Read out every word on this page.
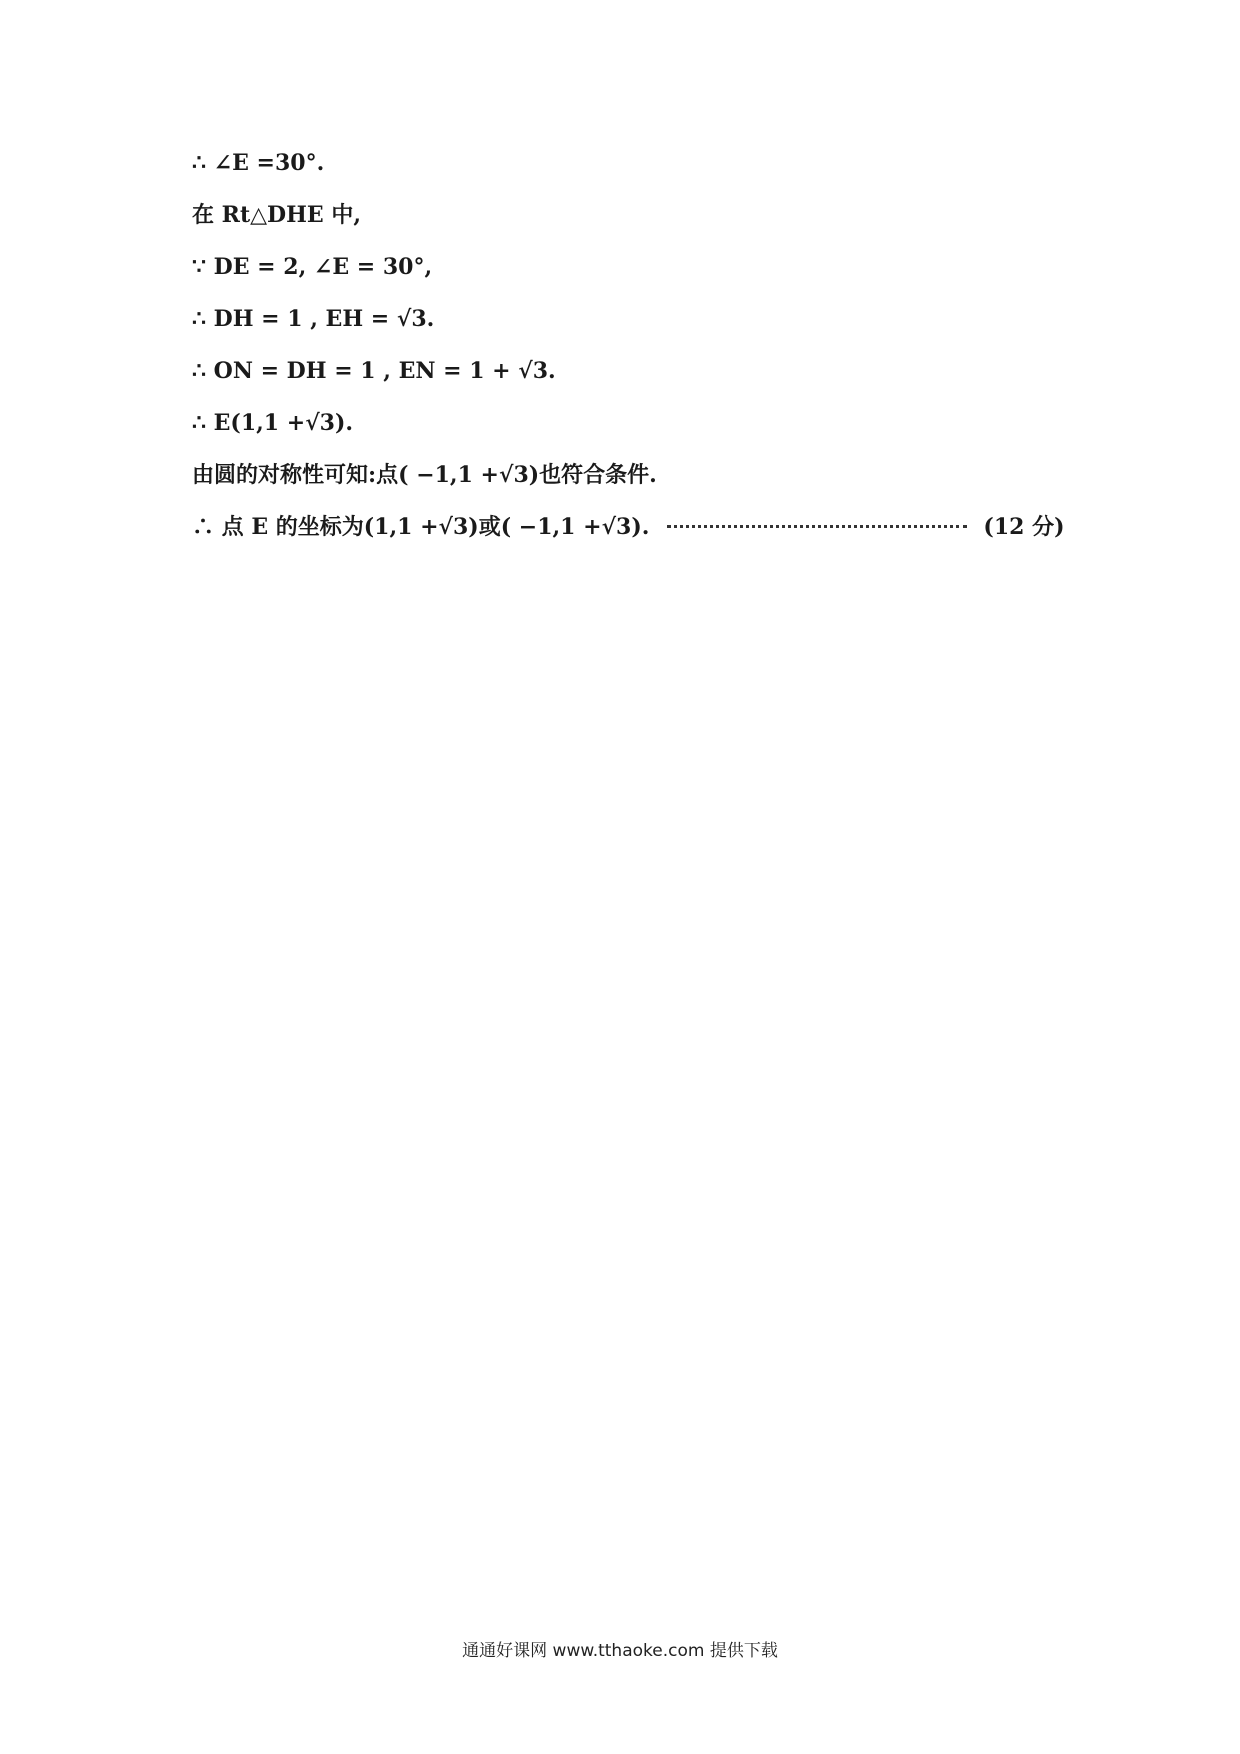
∴ ∠E =30°.
在 Rt△DHE 中,
∵ DE = 2, ∠E = 30°,
∴ DH = 1 , EH = √3.
∴ ON = DH = 1 , EN = 1 + √3.
∴ E(1,1 +√3).
由圆的对称性可知:点( −1,1 +√3)也符合条件.
∴ 点 E 的坐标为(1,1 +√3)或( −1,1 +√3).	(12 分)
通通好课网 www.tthaoke.com 提供下载
